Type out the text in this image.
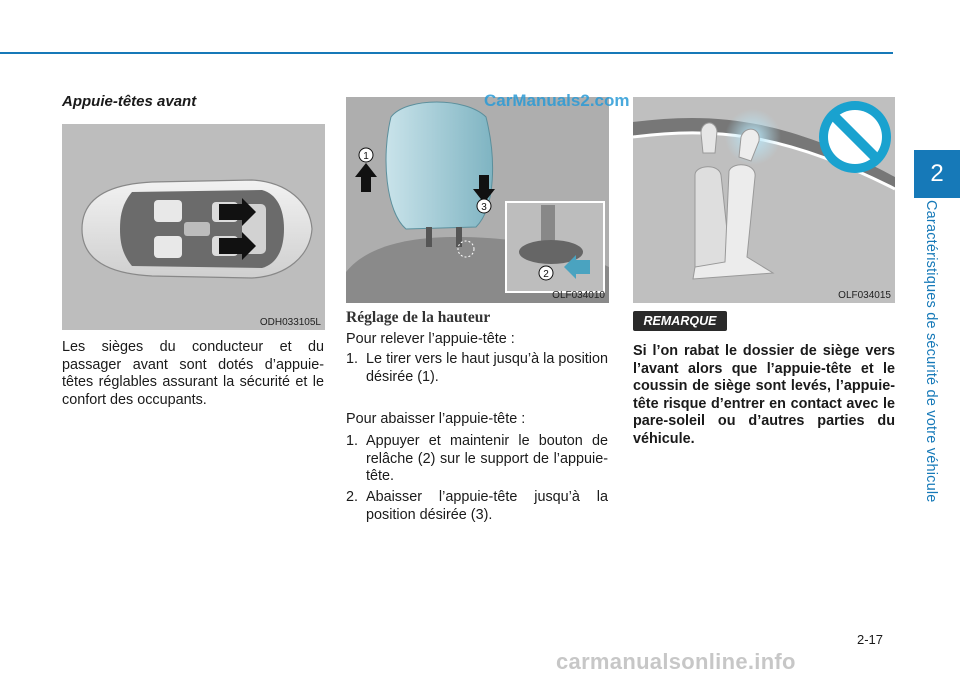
2
Caractéristiques de sécurité de votre véhicule
Appuie-têtes avant
ODH033105L

Les sièges du conducteur et du passager avant sont dotés d’appuie-têtes réglables assurant la sécurité et le confort des occupants.

3
1
2
OLF034010
Réglage de la hauteur

Pour relever l’appuie-tête :

1. Le tirer vers le haut jusqu’à la position désirée (1).

Pour abaisser l’appuie-tête :

1. Appuyer et maintenir le bouton de relâche (2) sur le support de l’appuie-tête.
2. Abaisser l’appuie-tête jusqu’à la position désirée (3).
OLF034015
REMARQUE

Si l’on rabat le dossier de siège vers l’avant alors que l’appuie-tête et le coussin de siège sont levés, l’appuie-tête risque d’entrer en contact avec le pare-soleil ou d’autres parties du véhicule.

2-17
CarManuals2.com
carmanualsonline.info
